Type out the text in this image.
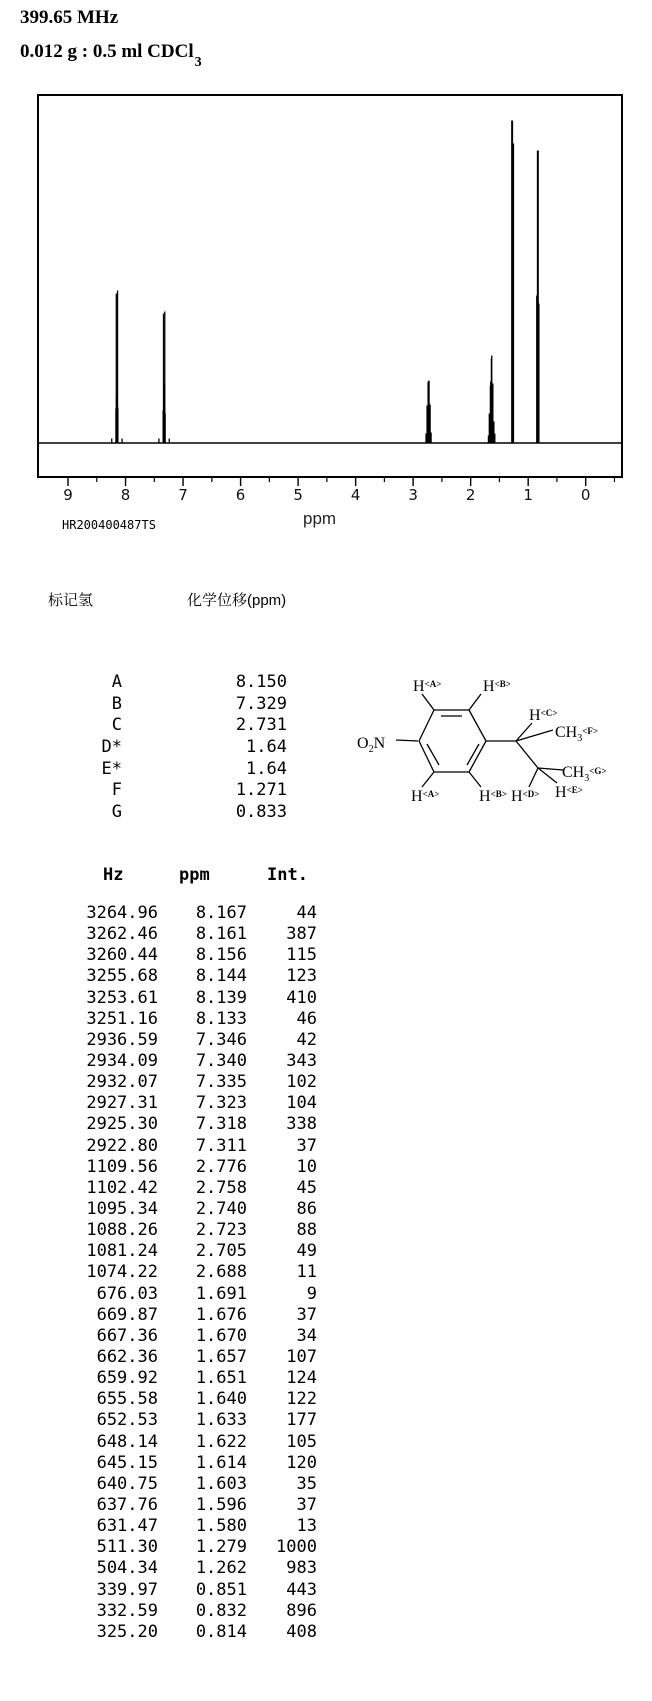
399.65 MHz
0.012 g : 0.5 ml CDCl$_3$
9	8	7	6	5	4	3	2	1	0
HR200400487TS	ppm
标记氢	化学位移(ppm)
A	8.150
B	7.329
C	2.731
D*	1.64
E*	1.64
F	1.271
G	0.833
$H^{<A>}$	$H^{<B>}$
$O_2N$
$H^{<C>}$
$CH_3^{<F>}$
$CH_3^{<G>}$
$H^{<A>}$ $H^{<B>}$ $H^{<D>}$ $H^{<E>}$
Hz	ppm	Int.
3264.96	8.167	44
3262.46	8.161	387
3260.44	8.156	115
3255.68	8.144	123
3253.61	8.139	410
3251.16	8.133	46
2936.59	7.346	42
2934.09	7.340	343
2932.07	7.335	102
2927.31	7.323	104
2925.30	7.318	338
2922.80	7.311	37
1109.56	2.776	10
1102.42	2.758	45
1095.34	2.740	86
1088.26	2.723	88
1081.24	2.705	49
1074.22	2.688	11
676.03	1.691	9
669.87	1.676	37
667.36	1.670	34
662.36	1.657	107
659.92	1.651	124
655.58	1.640	122
652.53	1.633	177
648.14	1.622	105
645.15	1.614	120
640.75	1.603	35
637.76	1.596	37
631.47	1.580	13
511.30	1.279	1000
504.34	1.262	983
339.97	0.851	443
332.59	0.832	896
325.20	0.814	408
